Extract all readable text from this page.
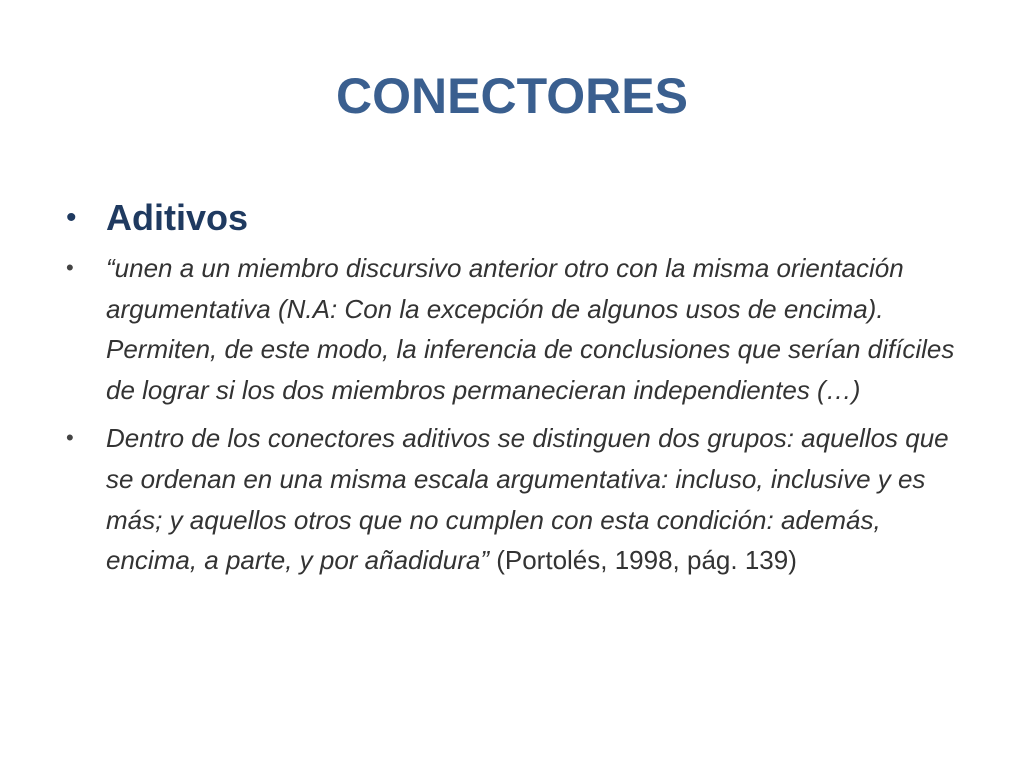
CONECTORES
• Aditivos
•	“unen a un miembro discursivo anterior otro con la misma orientación argumentativa (N.A: Con la excepción de algunos usos de encima). Permiten, de este modo, la inferencia de conclusiones que serían difíciles de lograr si los dos miembros permanecieran independientes (…)
•	Dentro de los conectores aditivos se distinguen dos grupos: aquellos que se ordenan en una misma escala argumentativa: incluso, inclusive y es más; y aquellos otros que no cumplen con esta condición: además, encima, a parte, y por añadidura” (Portolés, 1998, pág. 139)
